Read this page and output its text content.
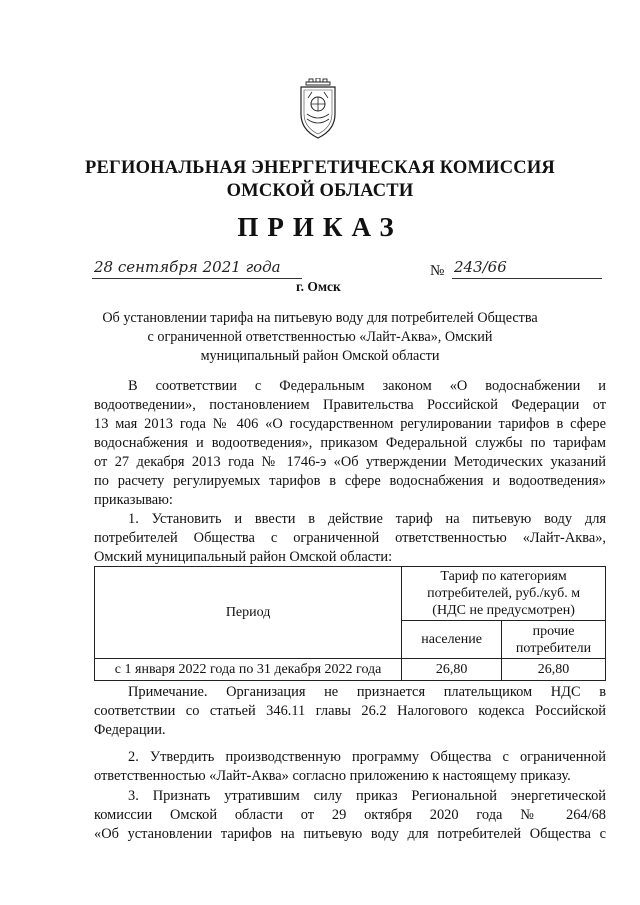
РЕГИОНАЛЬНАЯ ЭНЕРГЕТИЧЕСКАЯ КОМИССИЯ
ОМСКОЙ ОБЛАСТИ
ПРИКАЗ
28 сентября 2021 года	№ 243/66
г. Омск
Об установлении тарифа на питьевую воду для потребителей Общества
с ограниченной ответственностью «Лайт-Аква», Омский
муниципальный район Омской области

В соответствии с Федеральным законом «О водоснабжении и

водоотведении», постановлением Правительства Российской Федерации от

13 мая 2013 года № 406 «О государственном регулировании тарифов в сфере

водоснабжения и водоотведения», приказом Федеральной службы по тарифам

от 27 декабря 2013 года № 1746-э «Об утверждении Методических указаний

по расчету регулируемых тарифов в сфере водоснабжения и водоотведения»

приказываю:

1. Установить и ввести в действие тариф на питьевую воду для

потребителей Общества с ограниченной ответственностью «Лайт-Аква»,

Омский муниципальный район Омской области:

Период	Тариф по категориям
потребителей, руб./куб. м
(НДС не предусмотрен)	

	население	прочие
потребители

с 1 января 2022 года по 31 декабря 2022 года	26,80	26,80

Примечание. Организация не признается плательщиком НДС в

соответствии со статьей 346.11 главы 26.2 Налогового кодекса Российской

Федерации.

2. Утвердить производственную программу Общества с ограниченной

ответственностью «Лайт-Аква» согласно приложению к настоящему приказу.

3. Признать утратившим силу приказ Региональной энергетической

комиссии Омской области от 29 октября 2020 года № 264/68

«Об установлении тарифов на питьевую воду для потребителей Общества с
